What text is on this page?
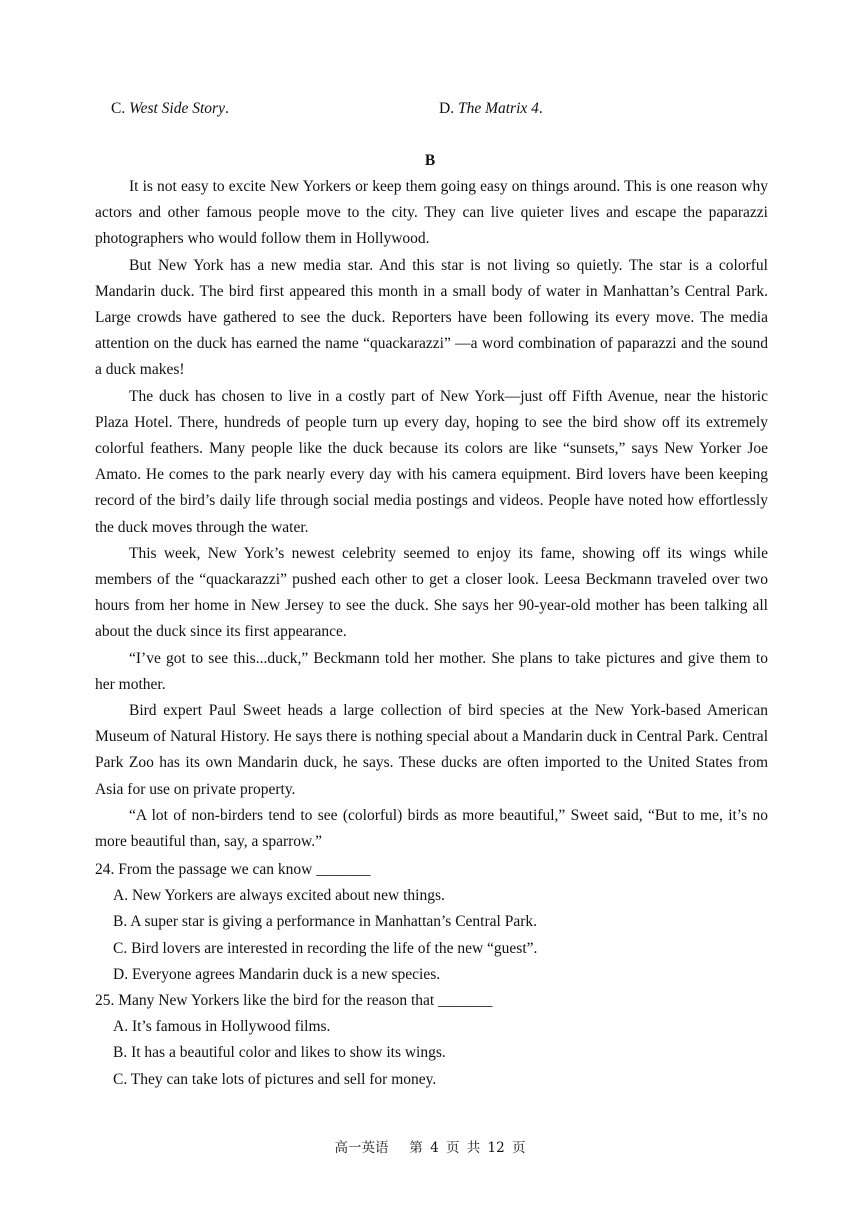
C. West Side Story.	D. The Matrix 4.
B

It is not easy to excite New Yorkers or keep them going easy on things around. This is one reason why actors and other famous people move to the city. They can live quieter lives and escape the paparazzi photographers who would follow them in Hollywood.

But New York has a new media star. And this star is not living so quietly. The star is a colorful Mandarin duck. The bird first appeared this month in a small body of water in Manhattan’s Central Park. Large crowds have gathered to see the duck. Reporters have been following its every move. The media attention on the duck has earned the name “quackarazzi” —a word combination of paparazzi and the sound a duck makes!

The duck has chosen to live in a costly part of New York—just off Fifth Avenue, near the historic Plaza Hotel. There, hundreds of people turn up every day, hoping to see the bird show off its extremely colorful feathers. Many people like the duck because its colors are like “sunsets,” says New Yorker Joe Amato. He comes to the park nearly every day with his camera equipment. Bird lovers have been keeping record of the bird’s daily life through social media postings and videos. People have noted how effortlessly the duck moves through the water.

This week, New York’s newest celebrity seemed to enjoy its fame, showing off its wings while members of the “quackarazzi” pushed each other to get a closer look. Leesa Beckmann traveled over two hours from her home in New Jersey to see the duck. She says her 90-year-old mother has been talking all about the duck since its first appearance.

“I’ve got to see this...duck,” Beckmann told her mother. She plans to take pictures and give them to her mother.

Bird expert Paul Sweet heads a large collection of bird species at the New York-based American Museum of Natural History. He says there is nothing special about a Mandarin duck in Central Park. Central Park Zoo has its own Mandarin duck, he says. These ducks are often imported to the United States from Asia for use on private property.

“A lot of non-birders tend to see (colorful) birds as more beautiful,” Sweet said, “But to me, it’s no more beautiful than, say, a sparrow.”

24. From the passage we can know _______

A. New Yorkers are always excited about new things.

B. A super star is giving a performance in Manhattan’s Central Park.

C. Bird lovers are interested in recording the life of the new “guest”.

D. Everyone agrees Mandarin duck is a new species.

25. Many New Yorkers like the bird for the reason that _______

A. It’s famous in Hollywood films.

B. It has a beautiful color and likes to show its wings.

C. They can take lots of pictures and sell for money.

高一英语　 第 4 页 共 12 页
